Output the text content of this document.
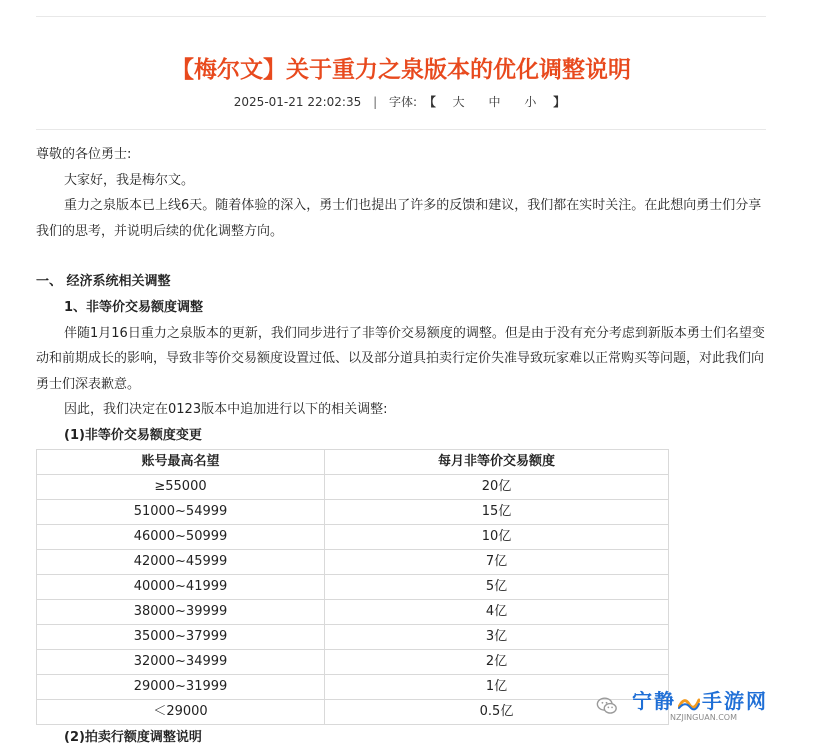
【梅尔文】关于重力之泉版本的优化调整说明
2025-01-21 22:02:35 | 字体: 【 大 中 小 】

尊敬的各位勇士:

大家好，我是梅尔文。

重力之泉版本已上线6天。随着体验的深入，勇士们也提出了许多的反馈和建议，我们都在实时关注。在此想向勇士们分享我们的思考，并说明后续的优化调整方向。

一、 经济系统相关调整

1、非等价交易额度调整

伴随1月16日重力之泉版本的更新，我们同步进行了非等价交易额度的调整。但是由于没有充分考虑到新版本勇士们名望变动和前期成长的影响，导致非等价交易额度设置过低、以及部分道具拍卖行定价失准导致玩家难以正常购买等问题，对此我们向勇士们深表歉意。

因此，我们决定在0123版本中追加进行以下的相关调整:

(1)非等价交易额度变更

账号最高名望	每月非等价交易额度
≥55000	20亿
51000~54999	15亿
46000~50999	10亿
42000~45999	7亿
40000~41999	5亿
38000~39999	4亿
35000~37999	3亿
32000~34999	2亿
29000~31999	1亿
＜29000	0.5亿

(2)拍卖行额度调整说明

宁静 手游网
NZJINGUAN.COM
